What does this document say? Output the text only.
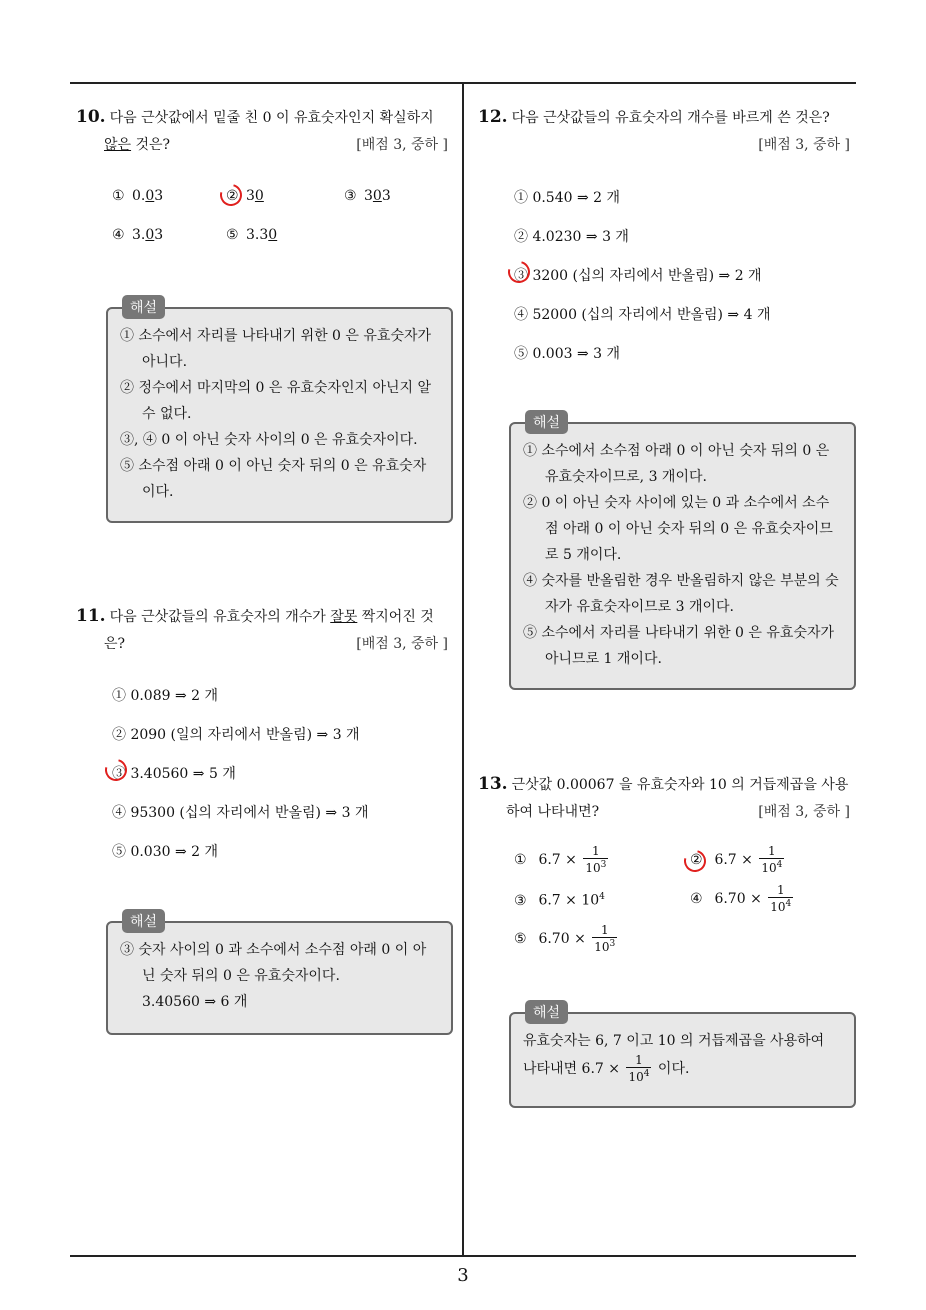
10. 다음 근삿값에서 밑줄 친 0 이 유효숫자인지 확실하지
않은 것은?	[배점 3, 중하 ]
① 0.03	② 30	③ 303
④ 3.03	⑤ 3.30
해설
① 소수에서 자리를 나타내기 위한 0 은 유효숫자가 아니다.
② 정수에서 마지막의 0 은 유효숫자인지 아닌지 알 수 없다.
③, ④ 0 이 아닌 숫자 사이의 0 은 유효숫자이다.
⑤ 소수점 아래 0 이 아닌 숫자 뒤의 0 은 유효숫자이다.
11. 다음 근삿값들의 유효숫자의 개수가 잘못 짝지어진 것
은?	[배점 3, 중하 ]
① 0.089 ⇒ 2 개
② 2090 (일의 자리에서 반올림) ⇒ 3 개
③ 3.40560 ⇒ 5 개
④ 95300 (십의 자리에서 반올림) ⇒ 3 개
⑤ 0.030 ⇒ 2 개
해설
③ 숫자 사이의 0 과 소수에서 소수점 아래 0 이 아닌 숫자 뒤의 0 은 유효숫자이다.
3.40560 ⇒ 6 개
12. 다음 근삿값들의 유효숫자의 개수를 바르게 쓴 것은?
[배점 3, 중하 ]
① 0.540 ⇒ 2 개
② 4.0230 ⇒ 3 개
③ 3200 (십의 자리에서 반올림) ⇒ 2 개
④ 52000 (십의 자리에서 반올림) ⇒ 4 개
⑤ 0.003 ⇒ 3 개
해설
① 소수에서 소수점 아래 0 이 아닌 숫자 뒤의 0 은 유효숫자이므로, 3 개이다.
② 0 이 아닌 숫자 사이에 있는 0 과 소수에서 소수점 아래 0 이 아닌 숫자 뒤의 0 은 유효숫자이므로 5 개이다.
④ 숫자를 반올림한 경우 반올림하지 않은 부분의 숫자가 유효숫자이므로 3 개이다.
⑤ 소수에서 자리를 나타내기 위한 0 은 유효숫자가 아니므로 1 개이다.
13. 근삿값 0.00067 을 유효숫자와 10 의 거듭제곱을 사용
하여 나타내면?	[배점 3, 중하 ]
① $6.7 \times \frac{1}{10^3}$	② $6.7 \times \frac{1}{10^4}$
③ $6.7 \times 10^4$	④ $6.70 \times \frac{1}{10^4}$
⑤ $6.70 \times \frac{1}{10^3}$
해설
유효숫자는 6, 7 이고 10 의 거듭제곱을 사용하여
나타내면 $6.7 \times \frac{1}{10^4}$ 이다.
3
